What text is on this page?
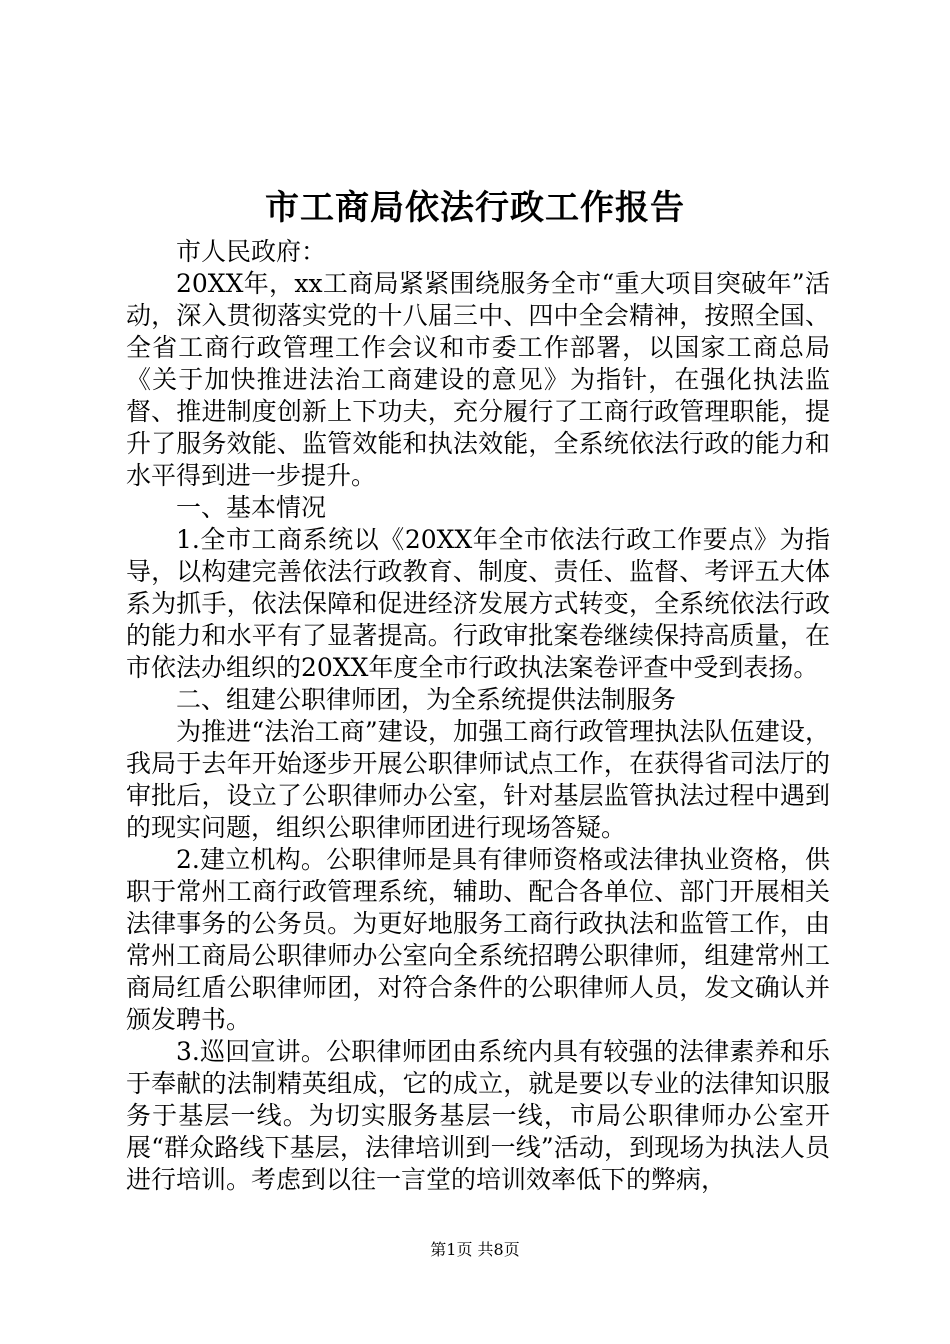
市工商局依法行政工作报告

市人民政府：

20XX年，xx工商局紧紧围绕服务全市“重大项目突破年”活动，深入贯彻落实党的十八届三中、四中全会精神，按照全国、全省工商行政管理工作会议和市委工作部署，以国家工商总局《关于加快推进法治工商建设的意见》为指针，在强化执法监督、推进制度创新上下功夫，充分履行了工商行政管理职能，提升了服务效能、监管效能和执法效能，全系统依法行政的能力和水平得到进一步提升。

一、基本情况

1.全市工商系统以《20XX年全市依法行政工作要点》为指导，以构建完善依法行政教育、制度、责任、监督、考评五大体系为抓手，依法保障和促进经济发展方式转变，全系统依法行政的能力和水平有了显著提高。行政审批案卷继续保持高质量，在市依法办组织的20XX年度全市行政执法案卷评查中受到表扬。

二、组建公职律师团，为全系统提供法制服务

为推进“法治工商”建设，加强工商行政管理执法队伍建设，我局于去年开始逐步开展公职律师试点工作，在获得省司法厅的审批后，设立了公职律师办公室，针对基层监管执法过程中遇到的现实问题，组织公职律师团进行现场答疑。

2.建立机构。公职律师是具有律师资格或法律执业资格，供职于常州工商行政管理系统，辅助、配合各单位、部门开展相关法律事务的公务员。为更好地服务工商行政执法和监管工作，由常州工商局公职律师办公室向全系统招聘公职律师，组建常州工商局红盾公职律师团，对符合条件的公职律师人员，发文确认并颁发聘书。

3.巡回宣讲。公职律师团由系统内具有较强的法律素养和乐于奉献的法制精英组成，它的成立，就是要以专业的法律知识服务于基层一线。为切实服务基层一线，市局公职律师办公室开展“群众路线下基层，法律培训到一线”活动，到现场为执法人员进行培训。考虑到以往一言堂的培训效率低下的弊病，

第1页 共8页
